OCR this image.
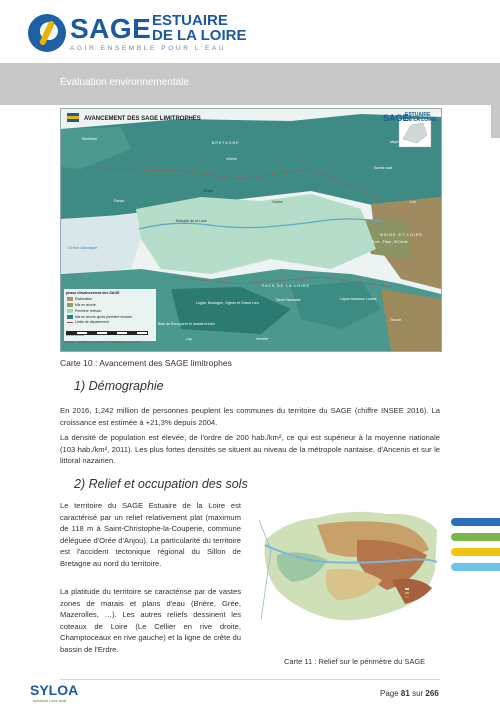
SAGE ESTUAIRE
DE LA LOIRE
AGIR ENSEMBLE POUR L'EAU
Évaluation environnementale
AVANCEMENT DES SAGE LIMITROPHES	SAGE
ESTUAIRE
DE LA LOIRE
BRETAGNE
PAYS DE LA LOIRE
MAINE-ET-LOIRE
Morbihan
Vilaine
Erdre
Loir
Mayenne
Oudon
Sarthe aval
Estuaire de la Loire
Rance
Evre - Thau - St Denis
Layon Aubance Louets
Logne, Boulogne, Ognon et Grand Lieu
Sèvre Nantaise
Thouet
Lay	Vendée
Baie de Bourgneuf et marais breton
Océan Atlantique
phase d'avancement des SAGE
Élaboration
Mis en œuvre
Première révision
Mis en œuvre après première révision
Limite de département
0 5 10 20 km
Sources : IGN BDCarto, Gest'eau, SAGE Estuaire de la Loire
Carte 10 : Avancement des SAGE limitrophes
1) Démographie
En 2016, 1,242 million de personnes peuplent les communes du territoire du SAGE (chiffre INSEE 2016). La croissance est estimée à +21,3% depuis 2004.
La densité de population est élevée, de l'ordre de 200 hab./km², ce qui est supérieur à la moyenne nationale (103 hab./km², 2011). Les plus fortes densités se situent au niveau de la métropole nantaise, d'Ancenis et sur le littoral nazairien.
2) Relief et occupation des sols
Le territoire du SAGE Estuaire de la Loire est caractérisé par un relief relativement plat (maximum de 118 m à Saint-Christophe-la-Couperie, commune déléguée d'Orée d'Anjou). La particularité du territoire est l'accident tectonique régional du Sillon de Bretagne au nord du territoire.
La platitude du territoire se caractérise par de vastes zones de marais et plans d'eau (Brière, Grée, Mazerolles, …). Les autres reliefs dessinent les coteaux de Loire (Le Cellier en rive droite, Champtoceaux en rive gauche) et la ligne de crête du bassin de l'Erdre.
Carte 11 : Relief sur le périmètre du SAGE
SYLOA
syndicat Loire aval
Page 81 sur 266
